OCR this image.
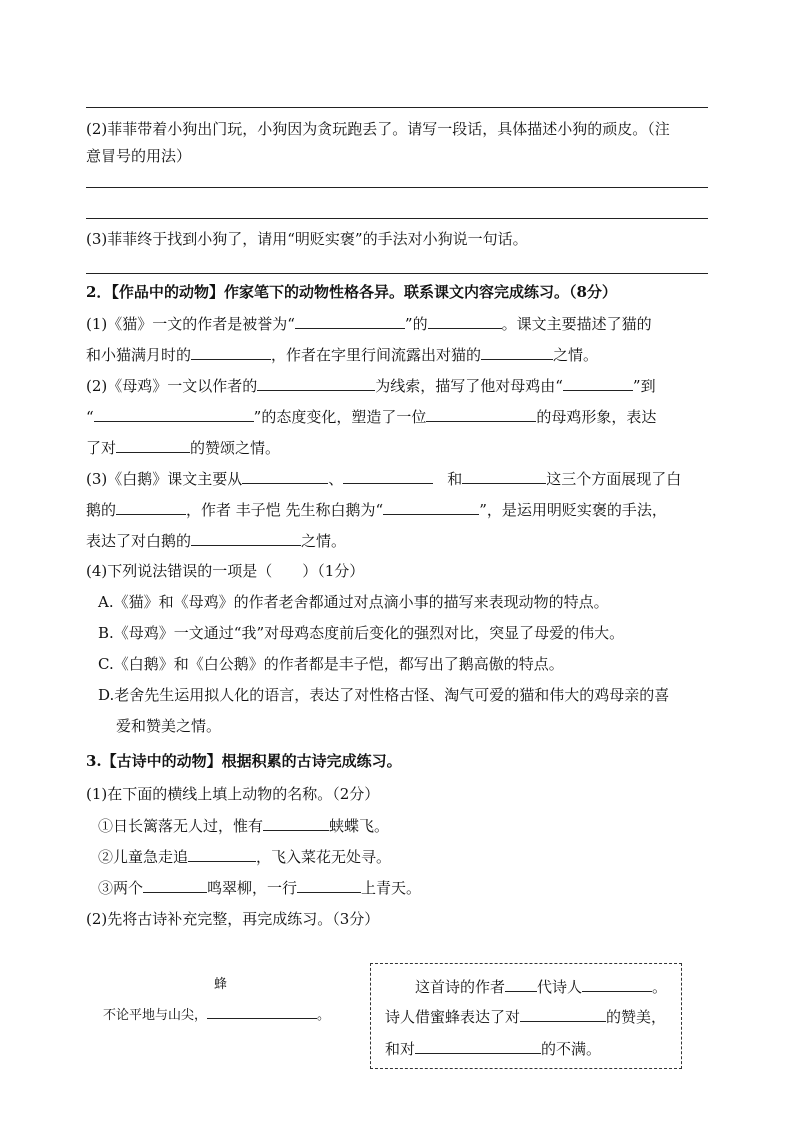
(2)菲菲带着小狗出门玩，小狗因为贪玩跑丢了。请写一段话，具体描述小狗的顽皮。（注
意冒号的用法）
(3)菲菲终于找到小狗了，请用“明贬实褒”的手法对小狗说一句话。
2．【作品中的动物】作家笔下的动物性格各异。联系课文内容完成练习。（8分）
(1)《猫》一文的作者是被誉为“	”的	。课文主要描述了猫的
和小猫满月时的	，作者在字里行间流露出对猫的	之情。
(2)《母鸡》一文以作者的	为线索，描写了他对母鸡由“	”到
“	”的态度变化，塑造了一位	的母鸡形象，表达
了对	的赞颂之情。
(3)《白鹅》课文主要从	、	和	这三个方面展现了白
鹅的	，作者 丰子恺 先生称白鹅为“	”，是运用明贬实褒的手法，
表达了对白鹅的	之情。
(4)下列说法错误的一项是（　　）（1分）
A.《猫》和《母鸡》的作者老舍都通过对点滴小事的描写来表现动物的特点。
B.《母鸡》一文通过“我”对母鸡态度前后变化的强烈对比，突显了母爱的伟大。
C.《白鹅》和《白公鹅》的作者都是丰子恺，都写出了鹅高傲的特点。
D.老舍先生运用拟人化的语言，表达了对性格古怪、淘气可爱的猫和伟大的鸡母亲的喜
爱和赞美之情。
3.【古诗中的动物】根据积累的古诗完成练习。
(1)在下面的横线上填上动物的名称。（2分）
①日长篱落无人过，惟有	蛱蝶飞。
②儿童急走追	，飞入菜花无处寻。
③两个	鸣翠柳，一行	上青天。
(2)先将古诗补充完整，再完成练习。（3分）
蜂
不论平地与山尖，	。
这首诗的作者 代诗人	。
诗人借蜜蜂表达了对	的赞美，
和对	的不满。
